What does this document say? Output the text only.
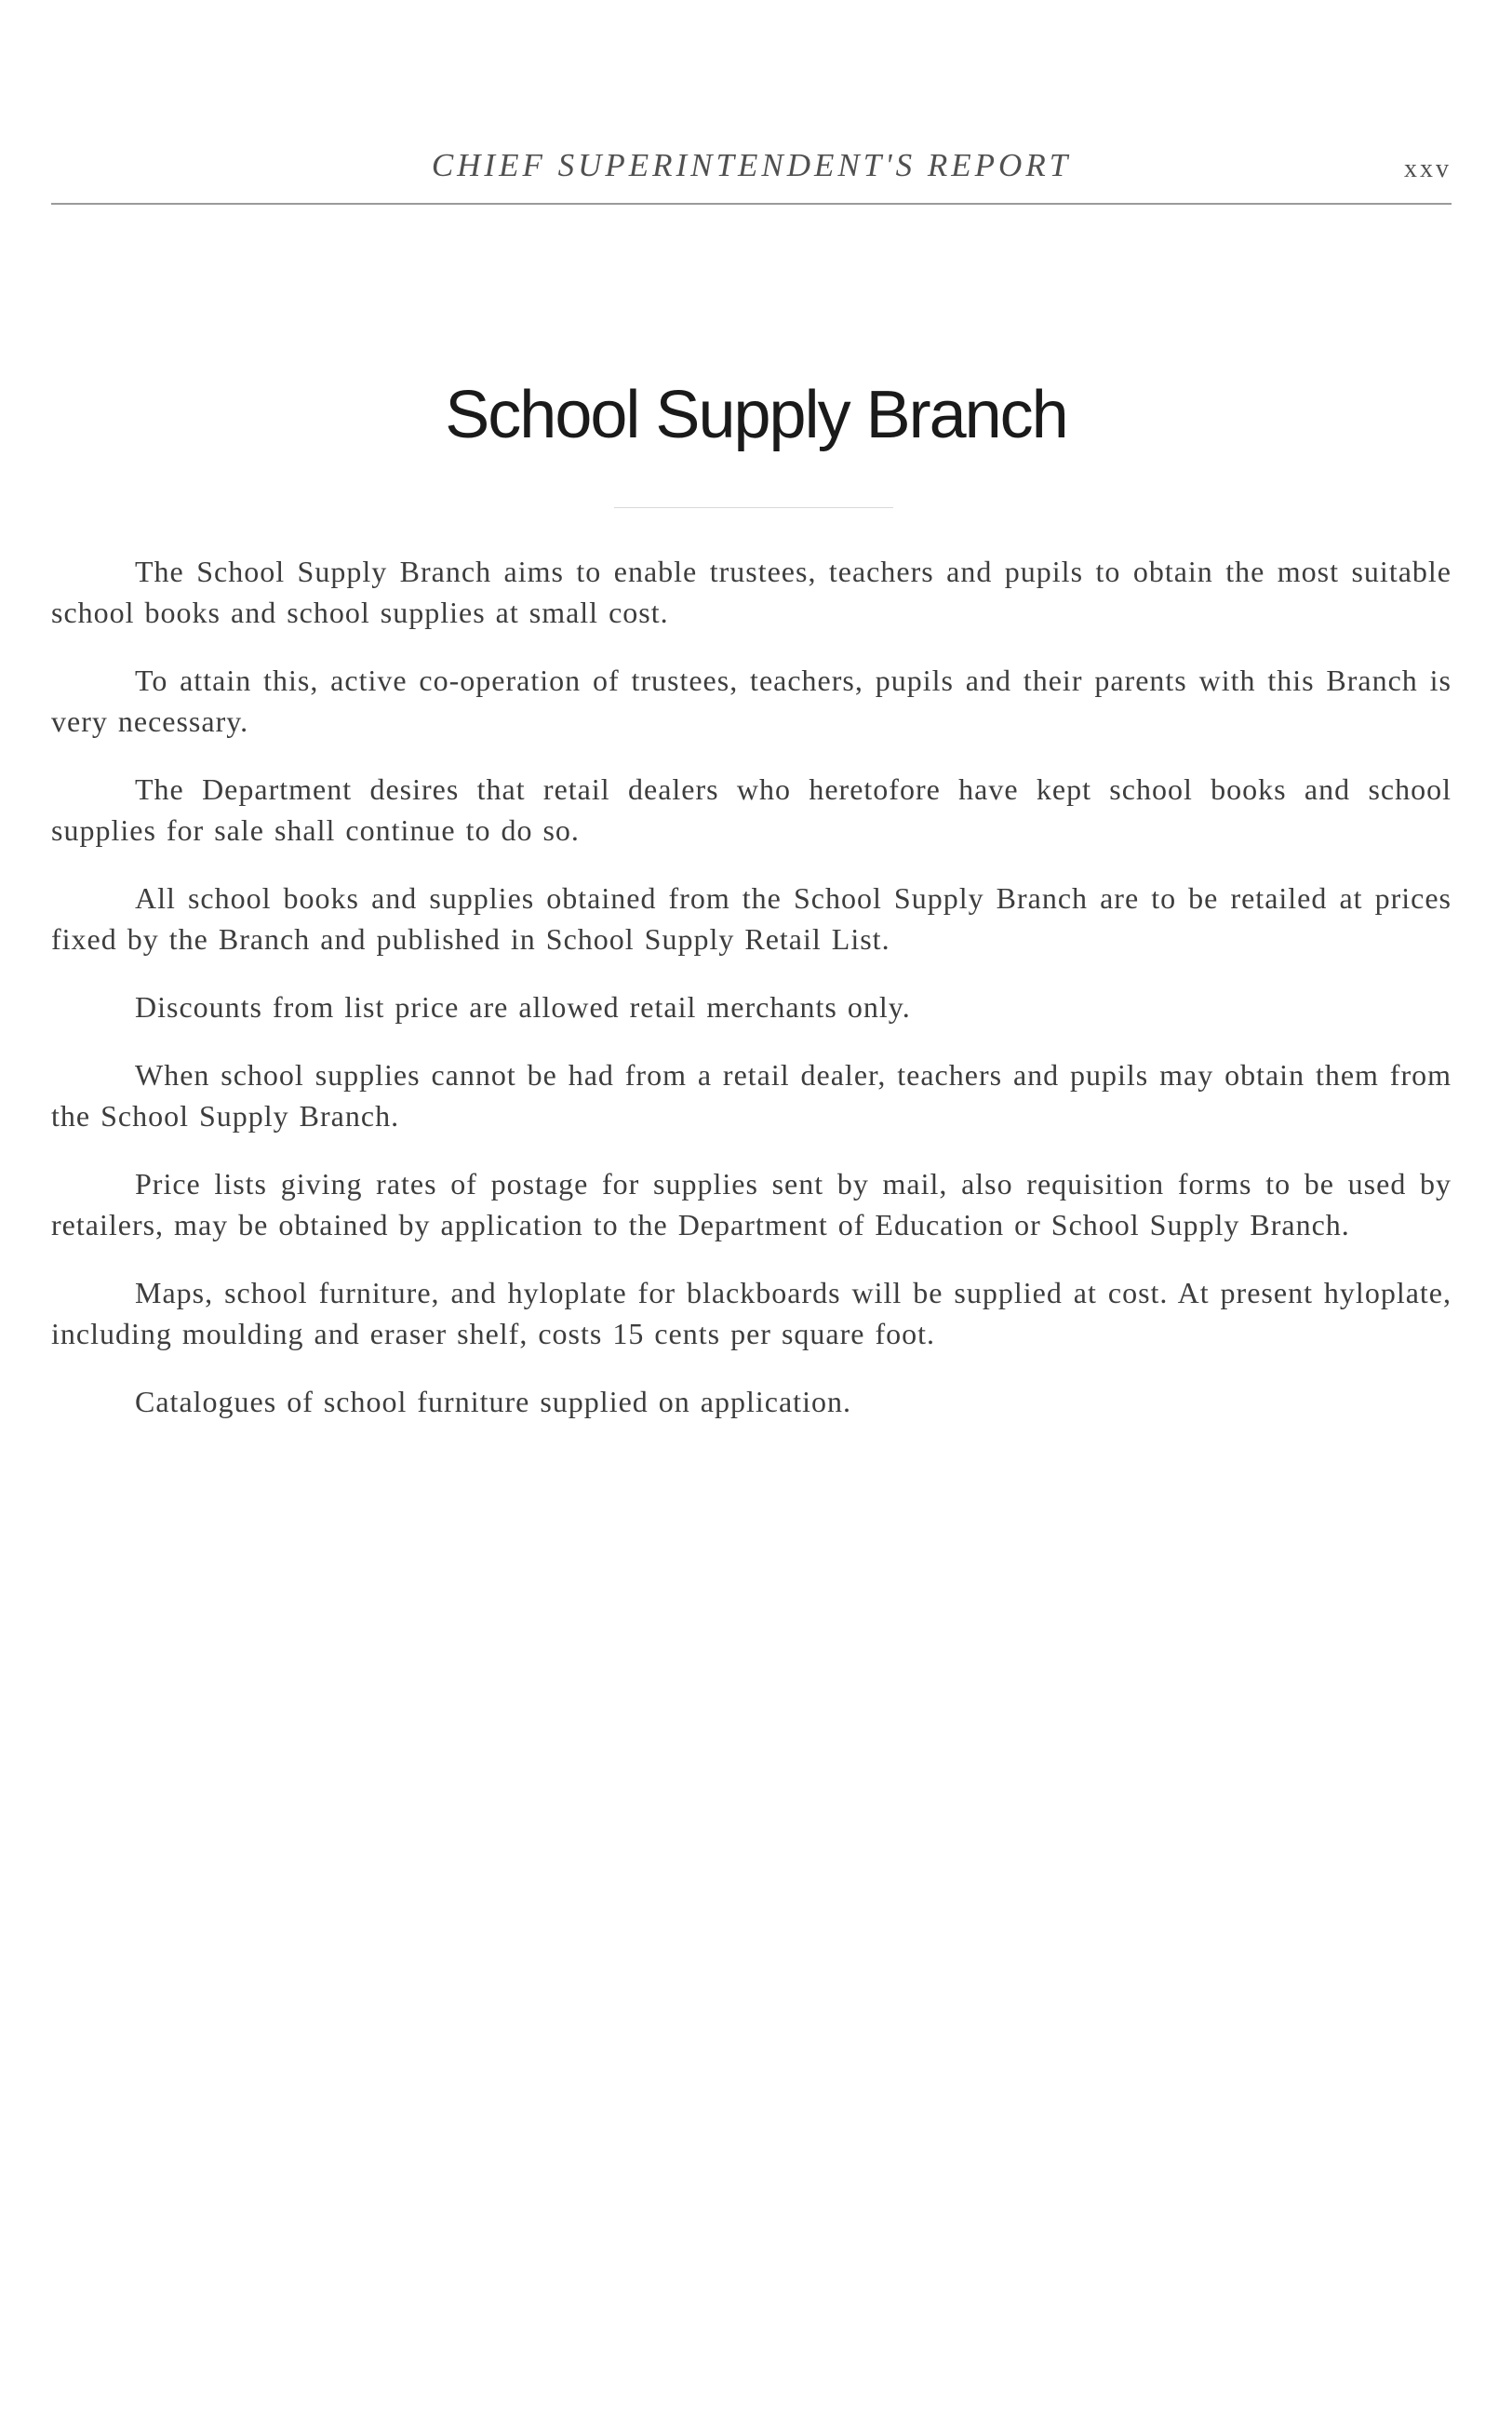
CHIEF SUPERINTENDENT'S REPORT	xxv
School Supply Branch

The School Supply Branch aims to enable trustees, teachers and pupils to obtain the most suitable school books and school supplies at small cost.

To attain this, active co-operation of trustees, teachers, pupils and their parents with this Branch is very necessary.

The Department desires that retail dealers who heretofore have kept school books and school supplies for sale shall continue to do so.

All school books and supplies obtained from the School Supply Branch are to be retailed at prices fixed by the Branch and published in School Supply Retail List.

Discounts from list price are allowed retail merchants only.

When school supplies cannot be had from a retail dealer, teachers and pupils may obtain them from the School Supply Branch.

Price lists giving rates of postage for supplies sent by mail, also requisition forms to be used by retailers, may be obtained by application to the Department of Education or School Supply Branch.

Maps, school furniture, and hyloplate for blackboards will be supplied at cost. At present hyloplate, including moulding and eraser shelf, costs 15 cents per square foot.

Catalogues of school furniture supplied on application.
